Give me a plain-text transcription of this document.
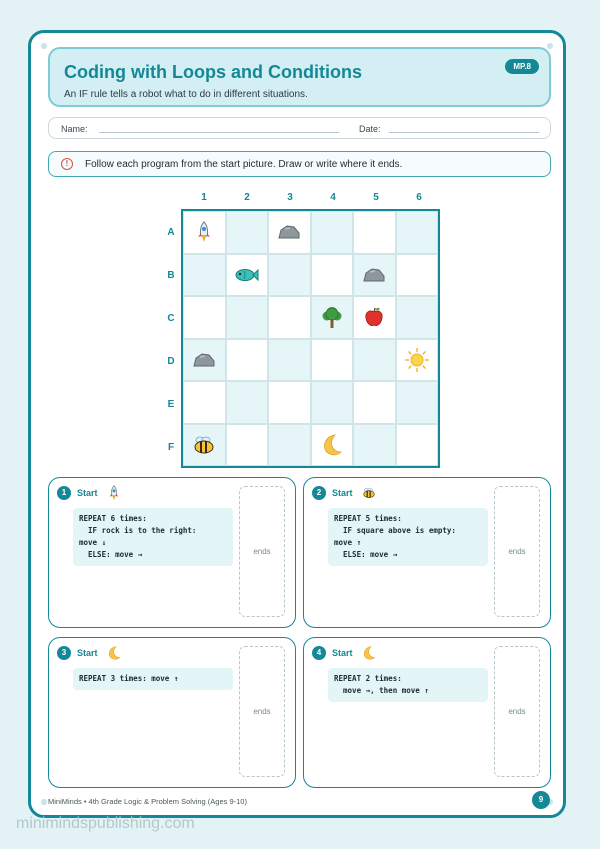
Coding with Loops and Conditions
An IF rule tells a robot what to do in different situations.
MP.8
Name:	Date:
!	Follow each program from the start picture. Draw or write where it ends.
1	2	3	4	5	6
A
B
C
D
E
F
1	Start
REPEAT 6 times:
IF rock is to the right:
move ↓
ELSE: move →	ends
2	Start
REPEAT 5 times:
IF square above is empty:
move ↑
ELSE: move →	ends
3	Start
REPEAT 3 times: move ↑
ends
4	Start
REPEAT 2 times:
move →, then move ↑
ends
MiniMinds • 4th Grade Logic & Problem Solving (Ages 9-10)	9
minimindspublishing.com
